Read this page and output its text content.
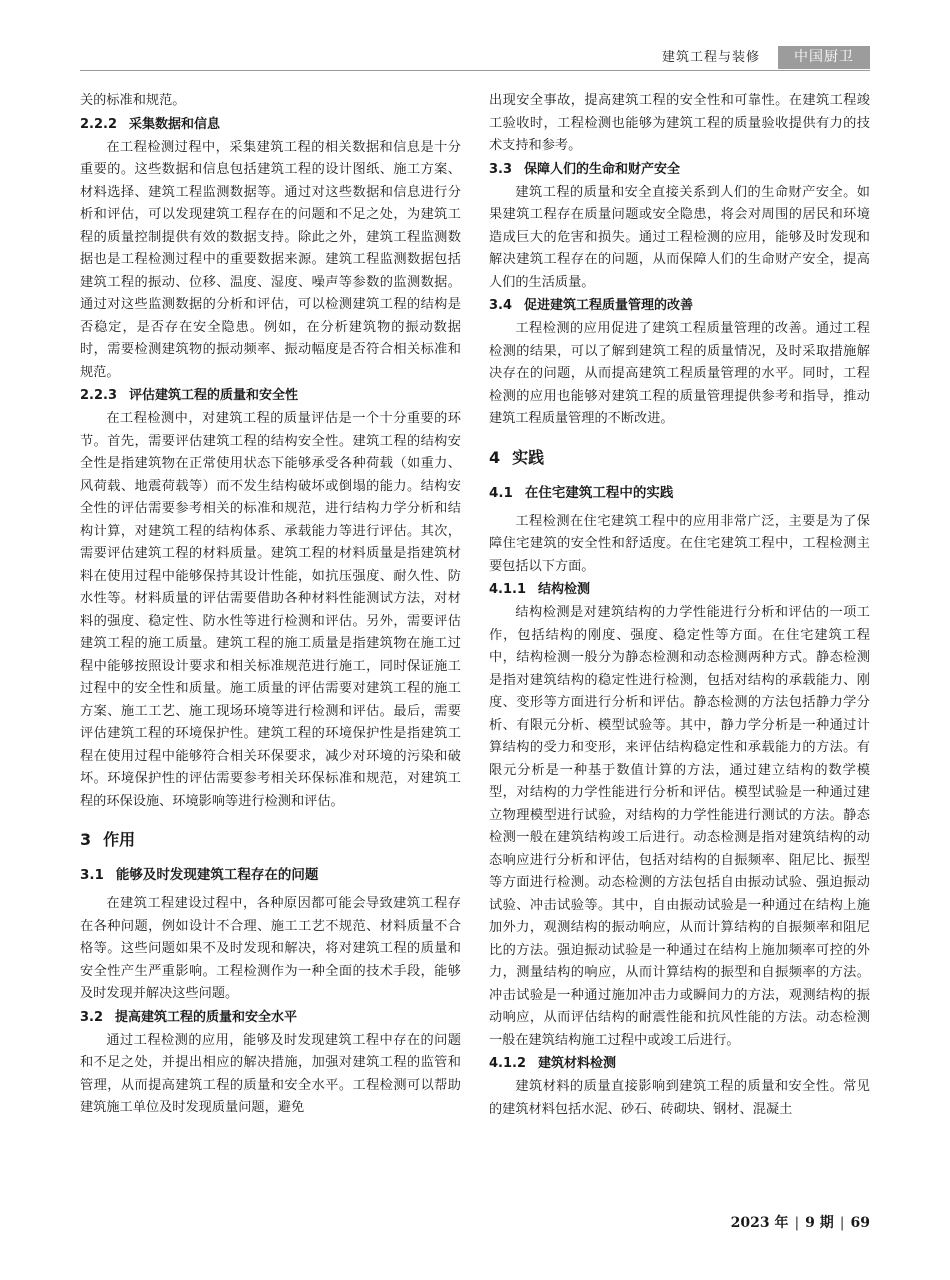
建筑工程与装修	中国厨卫

关的标准和规范。

2.2.2 采集数据和信息

在工程检测过程中，采集建筑工程的相关数据和信息是十分重要的。这些数据和信息包括建筑工程的设计图纸、施工方案、材料选择、建筑工程监测数据等。通过对这些数据和信息进行分析和评估，可以发现建筑工程存在的问题和不足之处，为建筑工程的质量控制提供有效的数据支持。除此之外，建筑工程监测数据也是工程检测过程中的重要数据来源。建筑工程监测数据包括建筑工程的振动、位移、温度、湿度、噪声等参数的监测数据。通过对这些监测数据的分析和评估，可以检测建筑工程的结构是否稳定，是否存在安全隐患。例如，在分析建筑物的振动数据时，需要检测建筑物的振动频率、振动幅度是否符合相关标准和规范。

2.2.3 评估建筑工程的质量和安全性

在工程检测中，对建筑工程的质量评估是一个十分重要的环节。首先，需要评估建筑工程的结构安全性。建筑工程的结构安全性是指建筑物在正常使用状态下能够承受各种荷载（如重力、风荷载、地震荷载等）而不发生结构破坏或倒塌的能力。结构安全性的评估需要参考相关的标准和规范，进行结构力学分析和结构计算，对建筑工程的结构体系、承载能力等进行评估。其次，需要评估建筑工程的材料质量。建筑工程的材料质量是指建筑材料在使用过程中能够保持其设计性能，如抗压强度、耐久性、防水性等。材料质量的评估需要借助各种材料性能测试方法，对材料的强度、稳定性、防水性等进行检测和评估。另外，需要评估建筑工程的施工质量。建筑工程的施工质量是指建筑物在施工过程中能够按照设计要求和相关标准规范进行施工，同时保证施工过程中的安全性和质量。施工质量的评估需要对建筑工程的施工方案、施工工艺、施工现场环境等进行检测和评估。最后，需要评估建筑工程的环境保护性。建筑工程的环境保护性是指建筑工程在使用过程中能够符合相关环保要求，减少对环境的污染和破坏。环境保护性的评估需要参考相关环保标准和规范，对建筑工程的环保设施、环境影响等进行检测和评估。

3 作用
3.1 能够及时发现建筑工程存在的问题

在建筑工程建设过程中，各种原因都可能会导致建筑工程存在各种问题，例如设计不合理、施工工艺不规范、材料质量不合格等。这些问题如果不及时发现和解决，将对建筑工程的质量和安全性产生严重影响。工程检测作为一种全面的技术手段，能够及时发现并解决这些问题。

3.2 提高建筑工程的质量和安全水平

通过工程检测的应用，能够及时发现建筑工程中存在的问题和不足之处，并提出相应的解决措施，加强对建筑工程的监管和管理，从而提高建筑工程的质量和安全水平。工程检测可以帮助建筑施工单位及时发现质量问题，避免

出现安全事故，提高建筑工程的安全性和可靠性。在建筑工程竣工验收时，工程检测也能够为建筑工程的质量验收提供有力的技术支持和参考。

3.3 保障人们的生命和财产安全

建筑工程的质量和安全直接关系到人们的生命财产安全。如果建筑工程存在质量问题或安全隐患，将会对周围的居民和环境造成巨大的危害和损失。通过工程检测的应用，能够及时发现和解决建筑工程存在的问题，从而保障人们的生命财产安全，提高人们的生活质量。

3.4 促进建筑工程质量管理的改善

工程检测的应用促进了建筑工程质量管理的改善。通过工程检测的结果，可以了解到建筑工程的质量情况，及时采取措施解决存在的问题，从而提高建筑工程质量管理的水平。同时，工程检测的应用也能够对建筑工程的质量管理提供参考和指导，推动建筑工程质量管理的不断改进。

4 实践
4.1 在住宅建筑工程中的实践

工程检测在住宅建筑工程中的应用非常广泛，主要是为了保障住宅建筑的安全性和舒适度。在住宅建筑工程中，工程检测主要包括以下方面。

4.1.1 结构检测

结构检测是对建筑结构的力学性能进行分析和评估的一项工作，包括结构的刚度、强度、稳定性等方面。在住宅建筑工程中，结构检测一般分为静态检测和动态检测两种方式。静态检测是指对建筑结构的稳定性进行检测，包括对结构的承载能力、刚度、变形等方面进行分析和评估。静态检测的方法包括静力学分析、有限元分析、模型试验等。其中，静力学分析是一种通过计算结构的受力和变形，来评估结构稳定性和承载能力的方法。有限元分析是一种基于数值计算的方法，通过建立结构的数学模型，对结构的力学性能进行分析和评估。模型试验是一种通过建立物理模型进行试验，对结构的力学性能进行测试的方法。静态检测一般在建筑结构竣工后进行。动态检测是指对建筑结构的动态响应进行分析和评估，包括对结构的自振频率、阻尼比、振型等方面进行检测。动态检测的方法包括自由振动试验、强迫振动试验、冲击试验等。其中，自由振动试验是一种通过在结构上施加外力，观测结构的振动响应，从而计算结构的自振频率和阻尼比的方法。强迫振动试验是一种通过在结构上施加频率可控的外力，测量结构的响应，从而计算结构的振型和自振频率的方法。冲击试验是一种通过施加冲击力或瞬间力的方法，观测结构的振动响应，从而评估结构的耐震性能和抗风性能的方法。动态检测一般在建筑结构施工过程中或竣工后进行。

4.1.2 建筑材料检测

建筑材料的质量直接影响到建筑工程的质量和安全性。常见的建筑材料包括水泥、砂石、砖砌块、钢材、混凝土

2023 年 | 9 期 | 69
